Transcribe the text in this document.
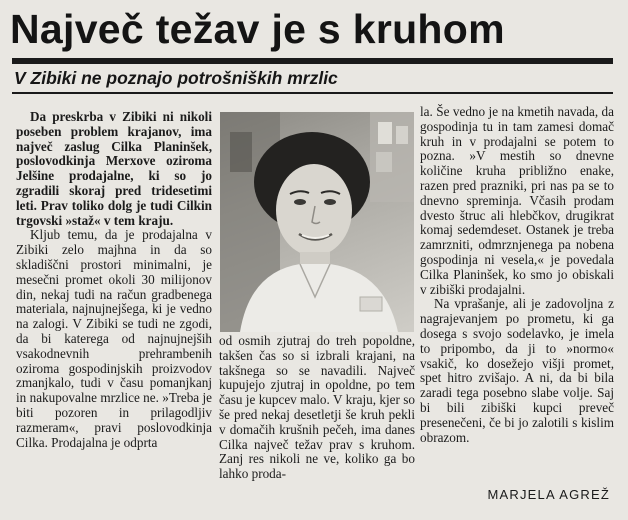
Največ težav je s kruhom
V Zibiki ne poznajo potrošniških mrzlic

Da preskrba v Zibiki ni nikoli poseben problem krajanov, ima največ zaslug Cilka Planinšek, poslovodkinja Merxove oziroma Jelšine prodajalne, ki so jo zgradili skoraj pred tridesetimi leti. Prav toliko dolg je tudi Cilkin trgovski »staž« v tem kraju.

Kljub temu, da je prodajalna v Zibiki zelo majhna in da so skladiščni prostori minimalni, je mesečni promet okoli 30 milijonov din, nekaj tudi na račun gradbenega materiala, najnujnejšega, ki je vedno na zalogi. V Zibiki se tudi ne zgodi, da bi katerega od najnujnejših vsakodnevnih prehrambenih oziroma gospodinjskih proizvodov zmanjkalo, tudi v času pomanjkanj in nakupovalne mrzlice ne. »Treba je biti pozoren in prilagodljiv razmeram«, pravi poslovodkinja Cilka. Prodajalna je odprta

od osmih zjutraj do treh popoldne, takšen čas so si izbrali krajani, na takšnega so se navadili. Največ kupujejo zjutraj in opoldne, po tem času je kupcev malo. V kraju, kjer so še pred nekaj desetletji še kruh pekli v domačih krušnih pečeh, ima danes Cilka največ težav prav s kruhom. Zanj res nikoli ne ve, koliko ga bo lahko proda-

la. Še vedno je na kmetih navada, da gospodinja tu in tam zamesi domač kruh in v prodajalni se potem to pozna. »V mestih so dnevne količine kruha približno enake, razen pred prazniki, pri nas pa se to dnevno spreminja. Včasih prodam dvesto štruc ali hlebčkov, drugikrat komaj sedemdeset. Ostanek je treba zamrzniti, odmrznjenega pa nobena gospodinja ni vesela,« je povedala Cilka Planinšek, ko smo jo obiskali v zibiški prodajalni.

Na vprašanje, ali je zadovoljna z nagrajevanjem po prometu, ki ga dosega s svojo sodelavko, je imela to pripombo, da ji to »normo« vsakič, ko dosežejo višji promet, spet hitro zvišajo. A ni, da bi bila zaradi tega posebno slabe volje. Saj bi bili zibiški kupci preveč presenečeni, če bi jo zalotili s kislim obrazom.

MARJELA AGREŽ
